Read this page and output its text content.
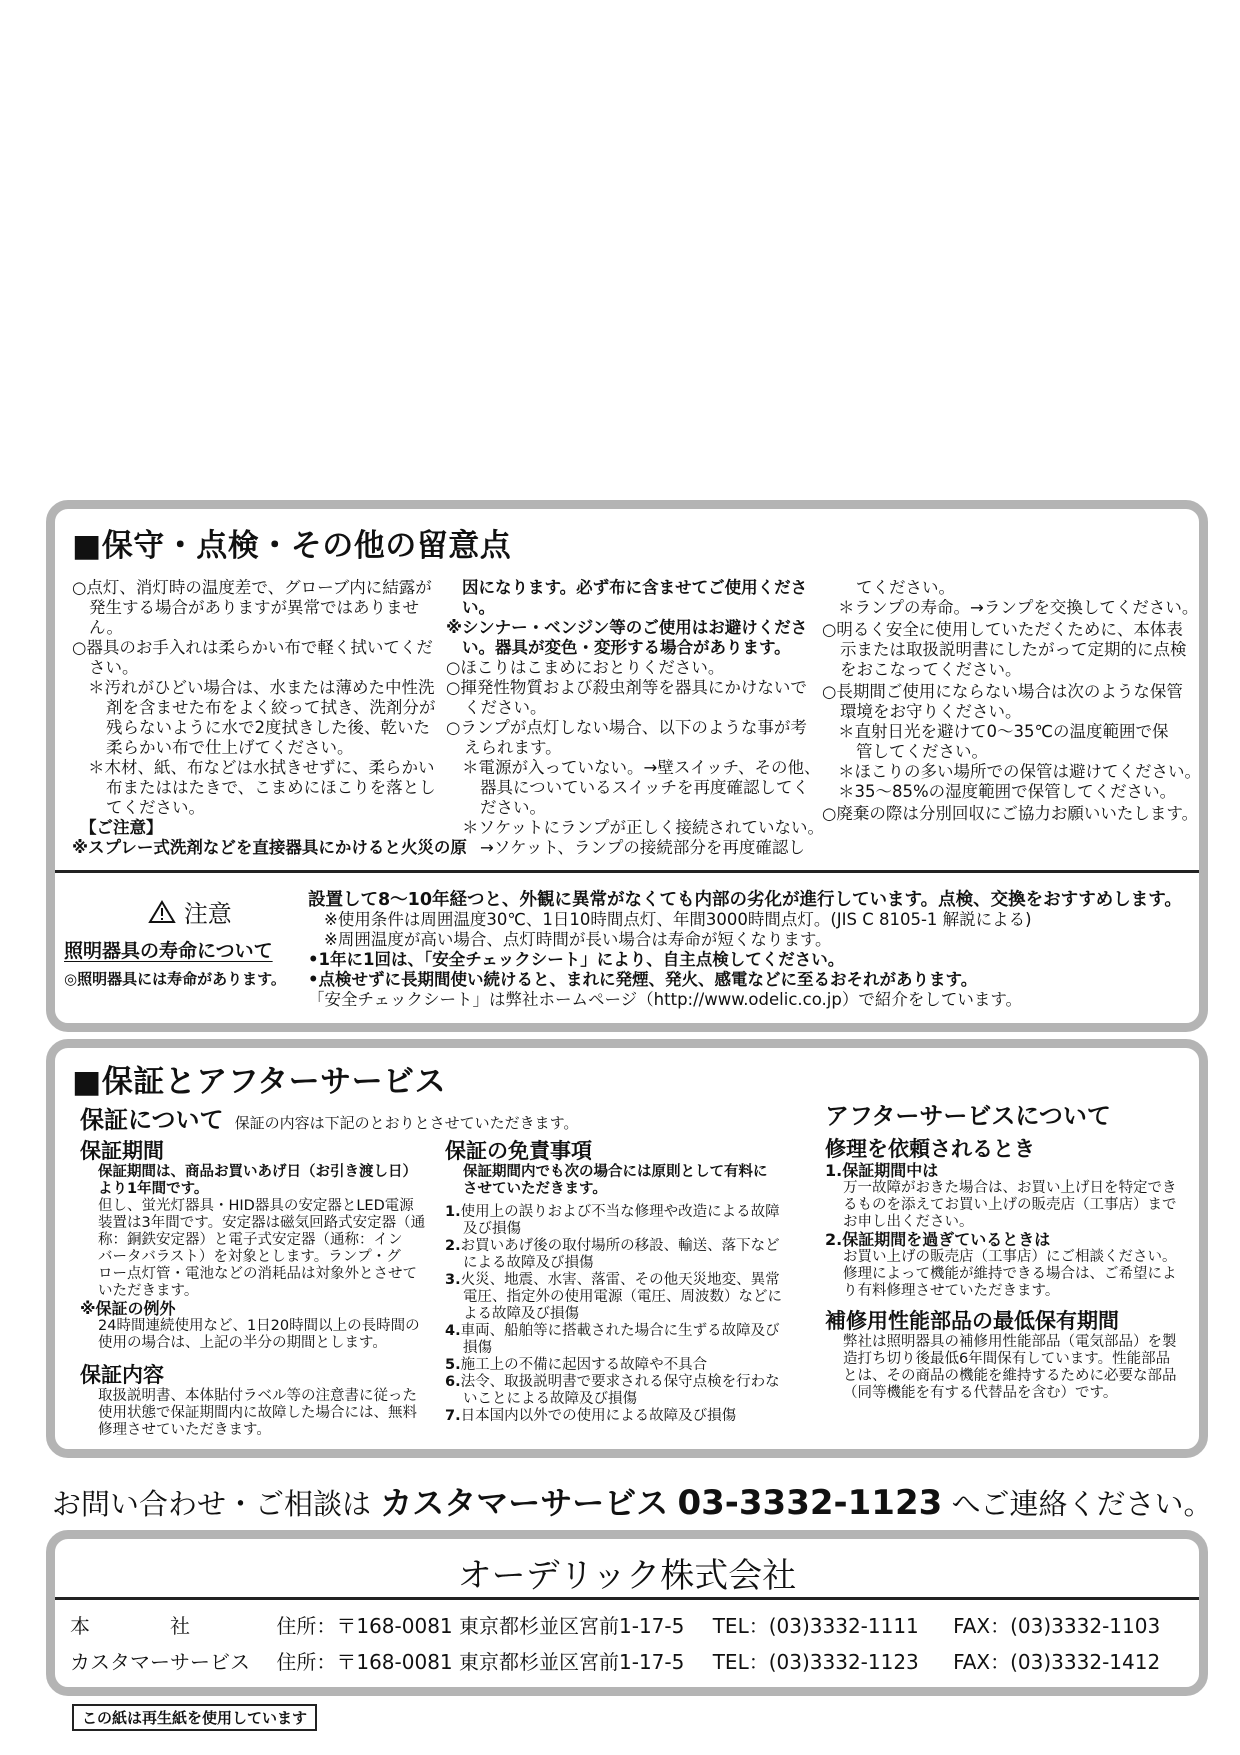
■保守・点検・その他の留意点

○点灯、消灯時の温度差で、グローブ内に結露が

発生する場合がありますが異常ではありません。

○器具のお手入れは柔らかい布で軽く拭いてくだ

さい。

＊汚れがひどい場合は、水または薄めた中性洗

剤を含ませた布をよく絞って拭き、洗剤分が

残らないように水で2度拭きした後、乾いた

柔らかい布で仕上げてください。

＊木材、紙、布などは水拭きせずに、柔らかい

布またははたきで、こまめにほこりを落とし

てください。

【ご注意】

※スプレー式洗剤などを直接器具にかけると火災の原

因になります。必ず布に含ませてご使用ください。

※シンナー・ベンジン等のご使用はお避けくださ

い。器具が変色・変形する場合があります。

○ほこりはこまめにおとりください。

○揮発性物質および殺虫剤等を器具にかけないで

ください。

○ランプが点灯しない場合、以下のような事が考

えられます。

＊電源が入っていない。→壁スイッチ、その他、

器具についているスイッチを再度確認してく

ださい。

＊ソケットにランプが正しく接続されていない。

→ソケット、ランプの接続部分を再度確認し

てください。

＊ランプの寿命。→ランプを交換してください。

○明るく安全に使用していただくために、本体表

示または取扱説明書にしたがって定期的に点検

をおこなってください。

○長期間ご使用にならない場合は次のような保管

環境をお守りください。

＊直射日光を避けて0～35℃の温度範囲で保

管してください。

＊ほこりの多い場所での保管は避けてください。

＊35～85%の湿度範囲で保管してください。

○廃棄の際は分別回収にご協力お願いいたします。

注意
照明器具の寿命について
◎照明器具には寿命があります。
設置して8～10年経つと、外観に異常がなくても内部の劣化が進行しています。点検、交換をおすすめします。
※使用条件は周囲温度30℃、1日10時間点灯、年間3000時間点灯。(JIS C 8105-1 解説による)
※周囲温度が高い場合、点灯時間が長い場合は寿命が短くなります。
•1年に1回は、「安全チェックシート」により、自主点検してください。
•点検せずに長期間使い続けると、まれに発煙、発火、感電などに至るおそれがあります。
「安全チェックシート」は弊社ホームページ（http://www.odelic.co.jp）で紹介をしています。
■保証とアフターサービス
保証について 保証の内容は下記のとおりとさせていただきます。

保証期間

保証期間は、商品お買いあげ日（お引き渡し日）

より1年間です。

但し、蛍光灯器具・HID器具の安定器とLED電源

装置は3年間です。安定器は磁気回路式安定器（通

称：銅鉄安定器）と電子式安定器（通称：イン

バータバラスト）を対象とします。ランプ・グ

ロー点灯管・電池などの消耗品は対象外とさせて

いただきます。

※保証の例外

24時間連続使用など、1日20時間以上の長時間の

使用の場合は、上記の半分の期間とします。

保証内容

取扱説明書、本体貼付ラベル等の注意書に従った

使用状態で保証期間内に故障した場合には、無料

修理させていただきます。

保証の免責事項

保証期間内でも次の場合には原則として有料に

させていただきます。

1.使用上の誤りおよび不当な修理や改造による故障及び損傷

2.お買いあげ後の取付場所の移設、輸送、落下などによる故障及び損傷

3.火災、地震、水害、落雷、その他天災地変、異常電圧、指定外の使用電源（電圧、周波数）などによる故障及び損傷

4.車両、船舶等に搭載された場合に生ずる故障及び損傷

5.施工上の不備に起因する故障や不具合

6.法令、取扱説明書で要求される保守点検を行わないことによる故障及び損傷

7.日本国内以外での使用による故障及び損傷

アフターサービスについて

修理を依頼されるとき

1.保証期間中は

万一故障がおきた場合は、お買い上げ日を特定でき

るものを添えてお買い上げの販売店（工事店）まで

お申し出ください。

2.保証期間を過ぎているときは

お買い上げの販売店（工事店）にご相談ください。

修理によって機能が維持できる場合は、ご希望によ

り有料修理させていただきます。

補修用性能部品の最低保有期間

弊社は照明器具の補修用性能部品（電気部品）を製

造打ち切り後最低6年間保有しています。性能部品

とは、その商品の機能を維持するために必要な部品

（同等機能を有する代替品を含む）です。

お問い合わせ・ご相談は カスタマーサービス 03-3332-1123 へご連絡ください。
オーデリック株式会社
本　　　　社	住所：〒168-0081 東京都杉並区宮前1-17-5 TEL：(03)3332-1111 FAX：(03)3332-1103
カスタマーサービス 住所：〒168-0081 東京都杉並区宮前1-17-5 TEL：(03)3332-1123 FAX：(03)3332-1412
この紙は再生紙を使用しています
